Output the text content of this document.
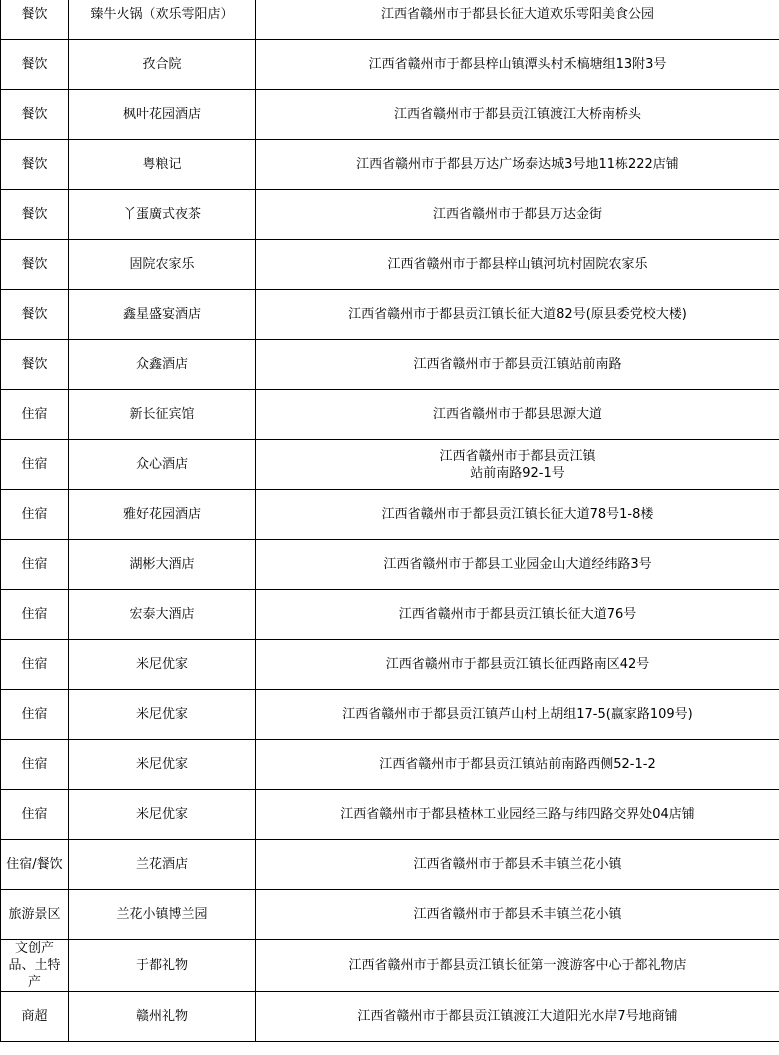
餐饮	臻牛火锅（欢乐雩阳店）	江西省赣州市于都县长征大道欢乐雩阳美食公园

餐饮	孜合院	江西省赣州市于都县梓山镇潭头村禾槁塘组13附3号

餐饮	枫叶花园酒店	江西省赣州市于都县贡江镇渡江大桥南桥头

餐饮	粤粮记	江西省赣州市于都县万达广场泰达城3号地11栋222店铺

餐饮	丫蛋廣式夜茶	江西省赣州市于都县万达金街

餐饮	固院农家乐	江西省赣州市于都县梓山镇河坑村固院农家乐

餐饮	鑫星盛宴酒店	江西省赣州市于都县贡江镇长征大道82号(原县委党校大楼)

餐饮	众鑫酒店	江西省赣州市于都县贡江镇站前南路

住宿	新长征宾馆	江西省赣州市于都县思源大道

住宿	众心酒店	江西省赣州市于都县贡江镇
站前南路92-1号

住宿	雅好花园酒店	江西省赣州市于都县贡江镇长征大道78号1-8楼

住宿	湖彬大酒店	江西省赣州市于都县工业园金山大道经纬路3号

住宿	宏泰大酒店	江西省赣州市于都县贡江镇长征大道76号

住宿	米尼优家	江西省赣州市于都县贡江镇长征西路南区42号

住宿	米尼优家	江西省赣州市于都县贡江镇芦山村上胡组17-5(嬴家路109号)

住宿	米尼优家	江西省赣州市于都县贡江镇站前南路西侧52-1-2

住宿	米尼优家	江西省赣州市于都县楂林工业园经三路与纬四路交界处04店铺

住宿/餐饮	兰花酒店	江西省赣州市于都县禾丰镇兰花小镇

旅游景区	兰花小镇博兰园	江西省赣州市于都县禾丰镇兰花小镇

文创产品、土特产	于都礼物	江西省赣州市于都县贡江镇长征第一渡游客中心于都礼物店

商超	赣州礼物	江西省赣州市于都县贡江镇渡江大道阳光水岸7号地商铺
